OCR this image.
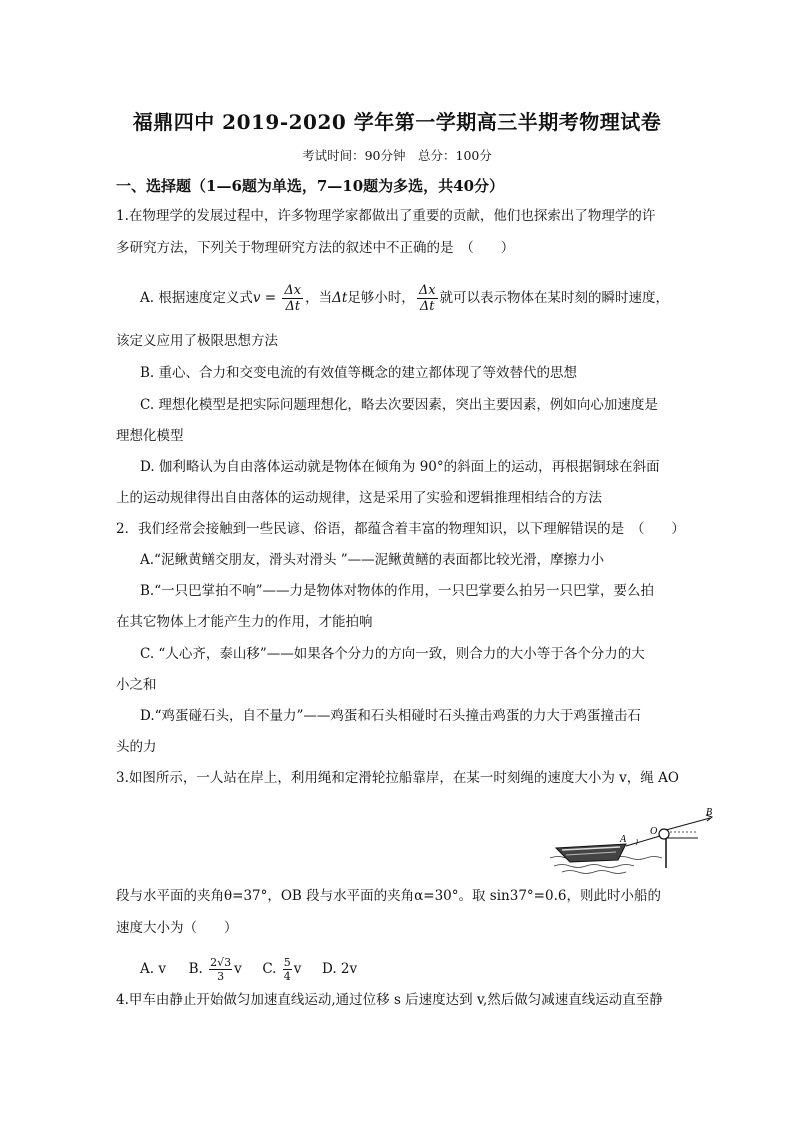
福鼎四中 2019-2020 学年第一学期高三半期考物理试卷
考试时间：90分钟　总分：100分
一、选择题（1—6题为单选，7—10题为多选，共40分）
1.在物理学的发展过程中，许多物理学家都做出了重要的贡献，他们也探索出了物理学的许
多研究方法，下列关于物理研究方法的叙述中不正确的是　（　　）
A. 根据速度定义式$v = \frac{\Delta x}{\Delta t}$ ，当Δt足够小时， $\frac{\Delta x}{\Delta t}$ 就可以表示物体在某时刻的瞬时速度，
该定义应用了极限思想方法
B. 重心、合力和交变电流的有效值等概念的建立都体现了等效替代的思想
C. 理想化模型是把实际问题理想化，略去次要因素，突出主要因素，例如向心加速度是
理想化模型
D. 伽利略认为自由落体运动就是物体在倾角为 90°的斜面上的运动，再根据铜球在斜面
上的运动规律得出自由落体的运动规律，这是采用了实验和逻辑推理相结合的方法
2．我们经常会接触到一些民谚、俗语，都蕴含着丰富的物理知识，以下理解错误的是　（　　）
A.“泥鳅黄鳝交朋友，滑头对滑头 ”——泥鳅黄鳝的表面都比较光滑，摩擦力小
B.“一只巴掌拍不响”——力是物体对物体的作用，一只巴掌要么拍另一只巴掌，要么拍
在其它物体上才能产生力的作用，才能拍响
C. “人心齐，泰山移”——如果各个分力的方向一致，则合力的大小等于各个分力的大
小之和
D.“鸡蛋碰石头，自不量力”——鸡蛋和石头相碰时石头撞击鸡蛋的力大于鸡蛋撞击石
头的力
3.如图所示，一人站在岸上，利用绳和定滑轮拉船靠岸，在某一时刻绳的速度大小为 v，绳 AO
A
O
B
段与水平面的夹角θ=37°，OB 段与水平面的夹角α=30°。取 sin37°=0.6，则此时小船的
速度大小为（　　）
A. v B. $\frac{2√3}{3}$ v C. $\frac{5}{4}$ v D. 2v
4.甲车由静止开始做匀加速直线运动,通过位移 s 后速度达到 v,然后做匀减速直线运动直至静
